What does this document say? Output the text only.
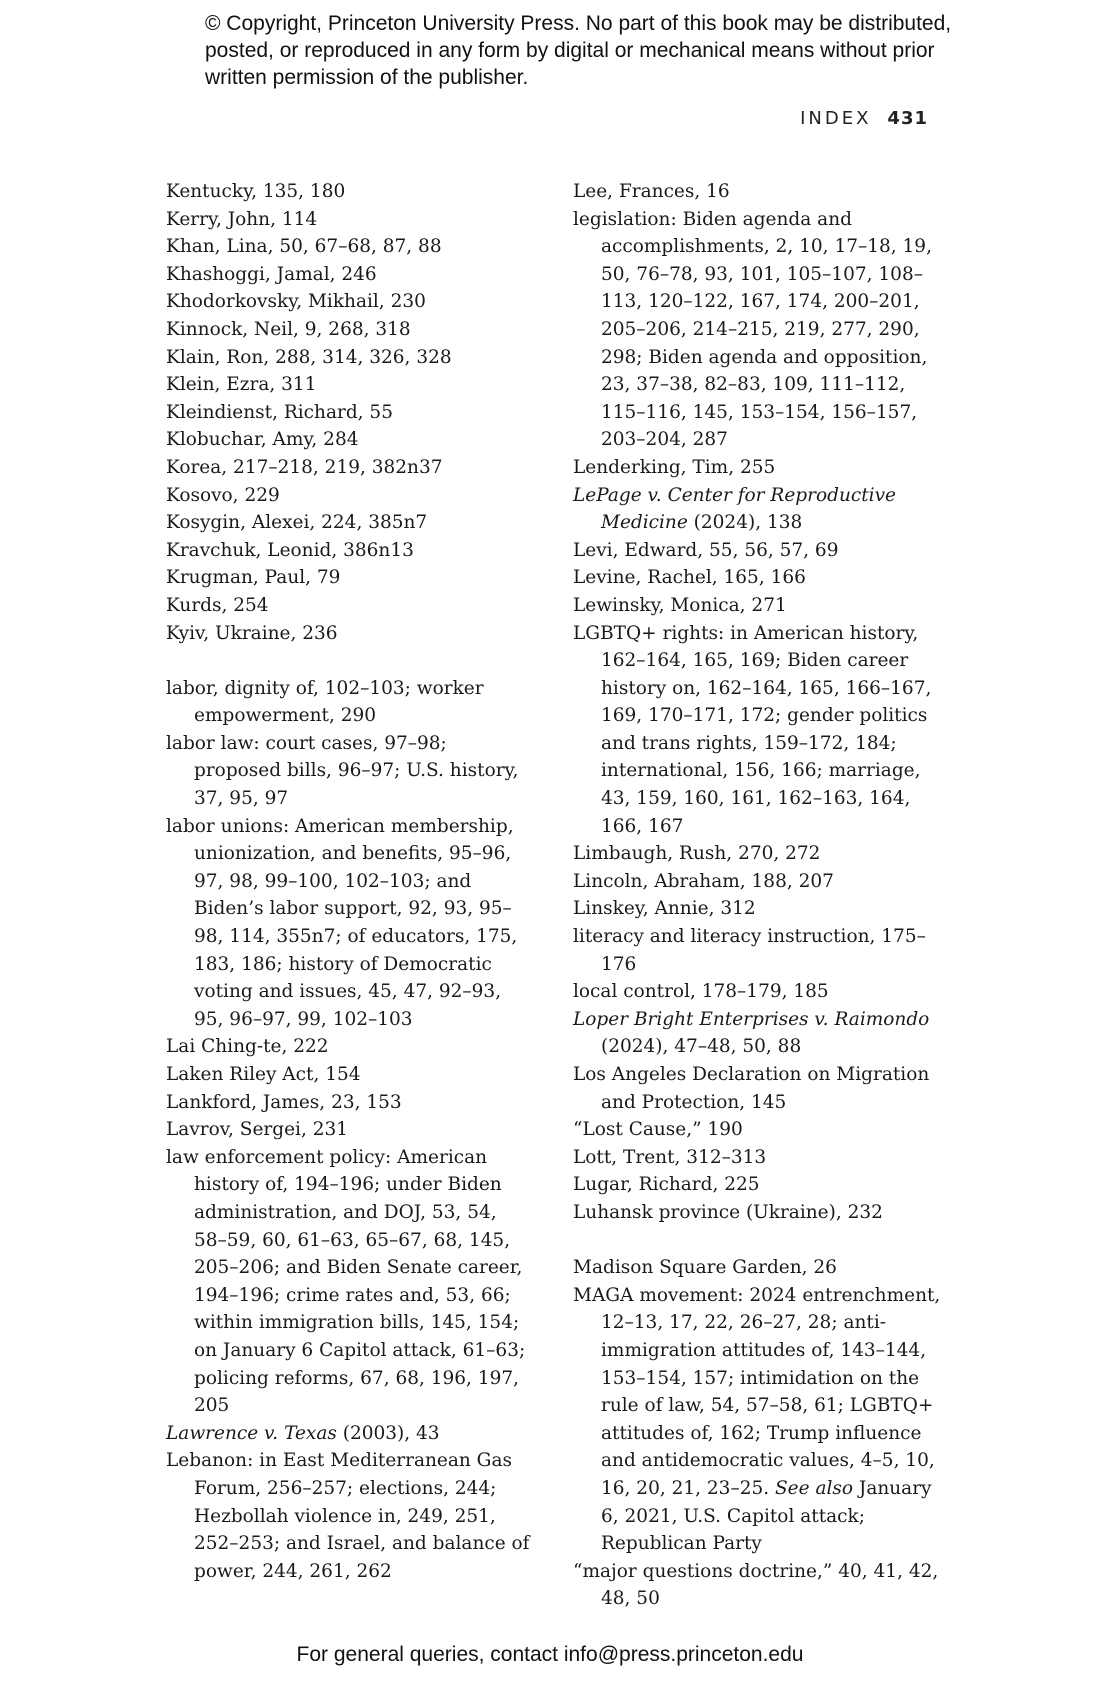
© Copyright, Princeton University Press. No part of this book may be distributed, posted, or reproduced in any form by digital or mechanical means without prior written permission of the publisher.
INDEX 431
Kentucky, 135, 180
Kerry, John, 114
Khan, Lina, 50, 67–68, 87, 88
Khashoggi, Jamal, 246
Khodorkovsky, Mikhail, 230
Kinnock, Neil, 9, 268, 318
Klain, Ron, 288, 314, 326, 328
Klein, Ezra, 311
Kleindienst, Richard, 55
Klobuchar, Amy, 284
Korea, 217–218, 219, 382n37
Kosovo, 229
Kosygin, Alexei, 224, 385n7
Kravchuk, Leonid, 386n13
Krugman, Paul, 79
Kurds, 254
Kyiv, Ukraine, 236
labor, dignity of, 102–103; worker empowerment, 290
labor law: court cases, 97–98; proposed bills, 96–97; U.S. history, 37, 95, 97
labor unions: American membership, unionization, and benefits, 95–96, 97, 98, 99–100, 102–103; and Biden’s labor support, 92, 93, 95–98, 114, 355n7; of educators, 175, 183, 186; history of Democratic voting and issues, 45, 47, 92–93, 95, 96–97, 99, 102–103
Lai Ching-te, 222
Laken Riley Act, 154
Lankford, James, 23, 153
Lavrov, Sergei, 231
law enforcement policy: American history of, 194–196; under Biden administration, and DOJ, 53, 54, 58–59, 60, 61–63, 65–67, 68, 145, 205–206; and Biden Senate career, 194–196; crime rates and, 53, 66; within immigration bills, 145, 154; on January 6 Capitol attack, 61–63; policing reforms, 67, 68, 196, 197, 205
Lawrence v. Texas (2003), 43
Lebanon: in East Mediterranean Gas Forum, 256–257; elections, 244; Hezbollah violence in, 249, 251, 252–253; and Israel, and balance of power, 244, 261, 262
Lee, Frances, 16
legislation: Biden agenda and accomplishments, 2, 10, 17–18, 19, 50, 76–78, 93, 101, 105–107, 108–113, 120–122, 167, 174, 200–201, 205–206, 214–215, 219, 277, 290, 298; Biden agenda and opposition, 23, 37–38, 82–83, 109, 111–112, 115–116, 145, 153–154, 156–157, 203–204, 287
Lenderking, Tim, 255
LePage v. Center for Reproductive Medicine (2024), 138
Levi, Edward, 55, 56, 57, 69
Levine, Rachel, 165, 166
Lewinsky, Monica, 271
LGBTQ+ rights: in American history, 162–164, 165, 169; Biden career history on, 162–164, 165, 166–167, 169, 170–171, 172; gender politics and trans rights, 159–172, 184; international, 156, 166; marriage, 43, 159, 160, 161, 162–163, 164, 166, 167
Limbaugh, Rush, 270, 272
Lincoln, Abraham, 188, 207
Linskey, Annie, 312
literacy and literacy instruction, 175–176
local control, 178–179, 185
Loper Bright Enterprises v. Raimondo (2024), 47–48, 50, 88
Los Angeles Declaration on Migration and Protection, 145
“Lost Cause,” 190
Lott, Trent, 312–313
Lugar, Richard, 225
Luhansk province (Ukraine), 232
Madison Square Garden, 26
MAGA movement: 2024 entrenchment, 12–13, 17, 22, 26–27, 28; anti-immigration attitudes of, 143–144, 153–154, 157; intimidation on the rule of law, 54, 57–58, 61; LGBTQ+ attitudes of, 162; Trump influence and antidemocratic values, 4–5, 10, 16, 20, 21, 23–25. See also January 6, 2021, U.S. Capitol attack; Republican Party
“major questions doctrine,” 40, 41, 42, 48, 50
For general queries, contact info@press.princeton.edu
